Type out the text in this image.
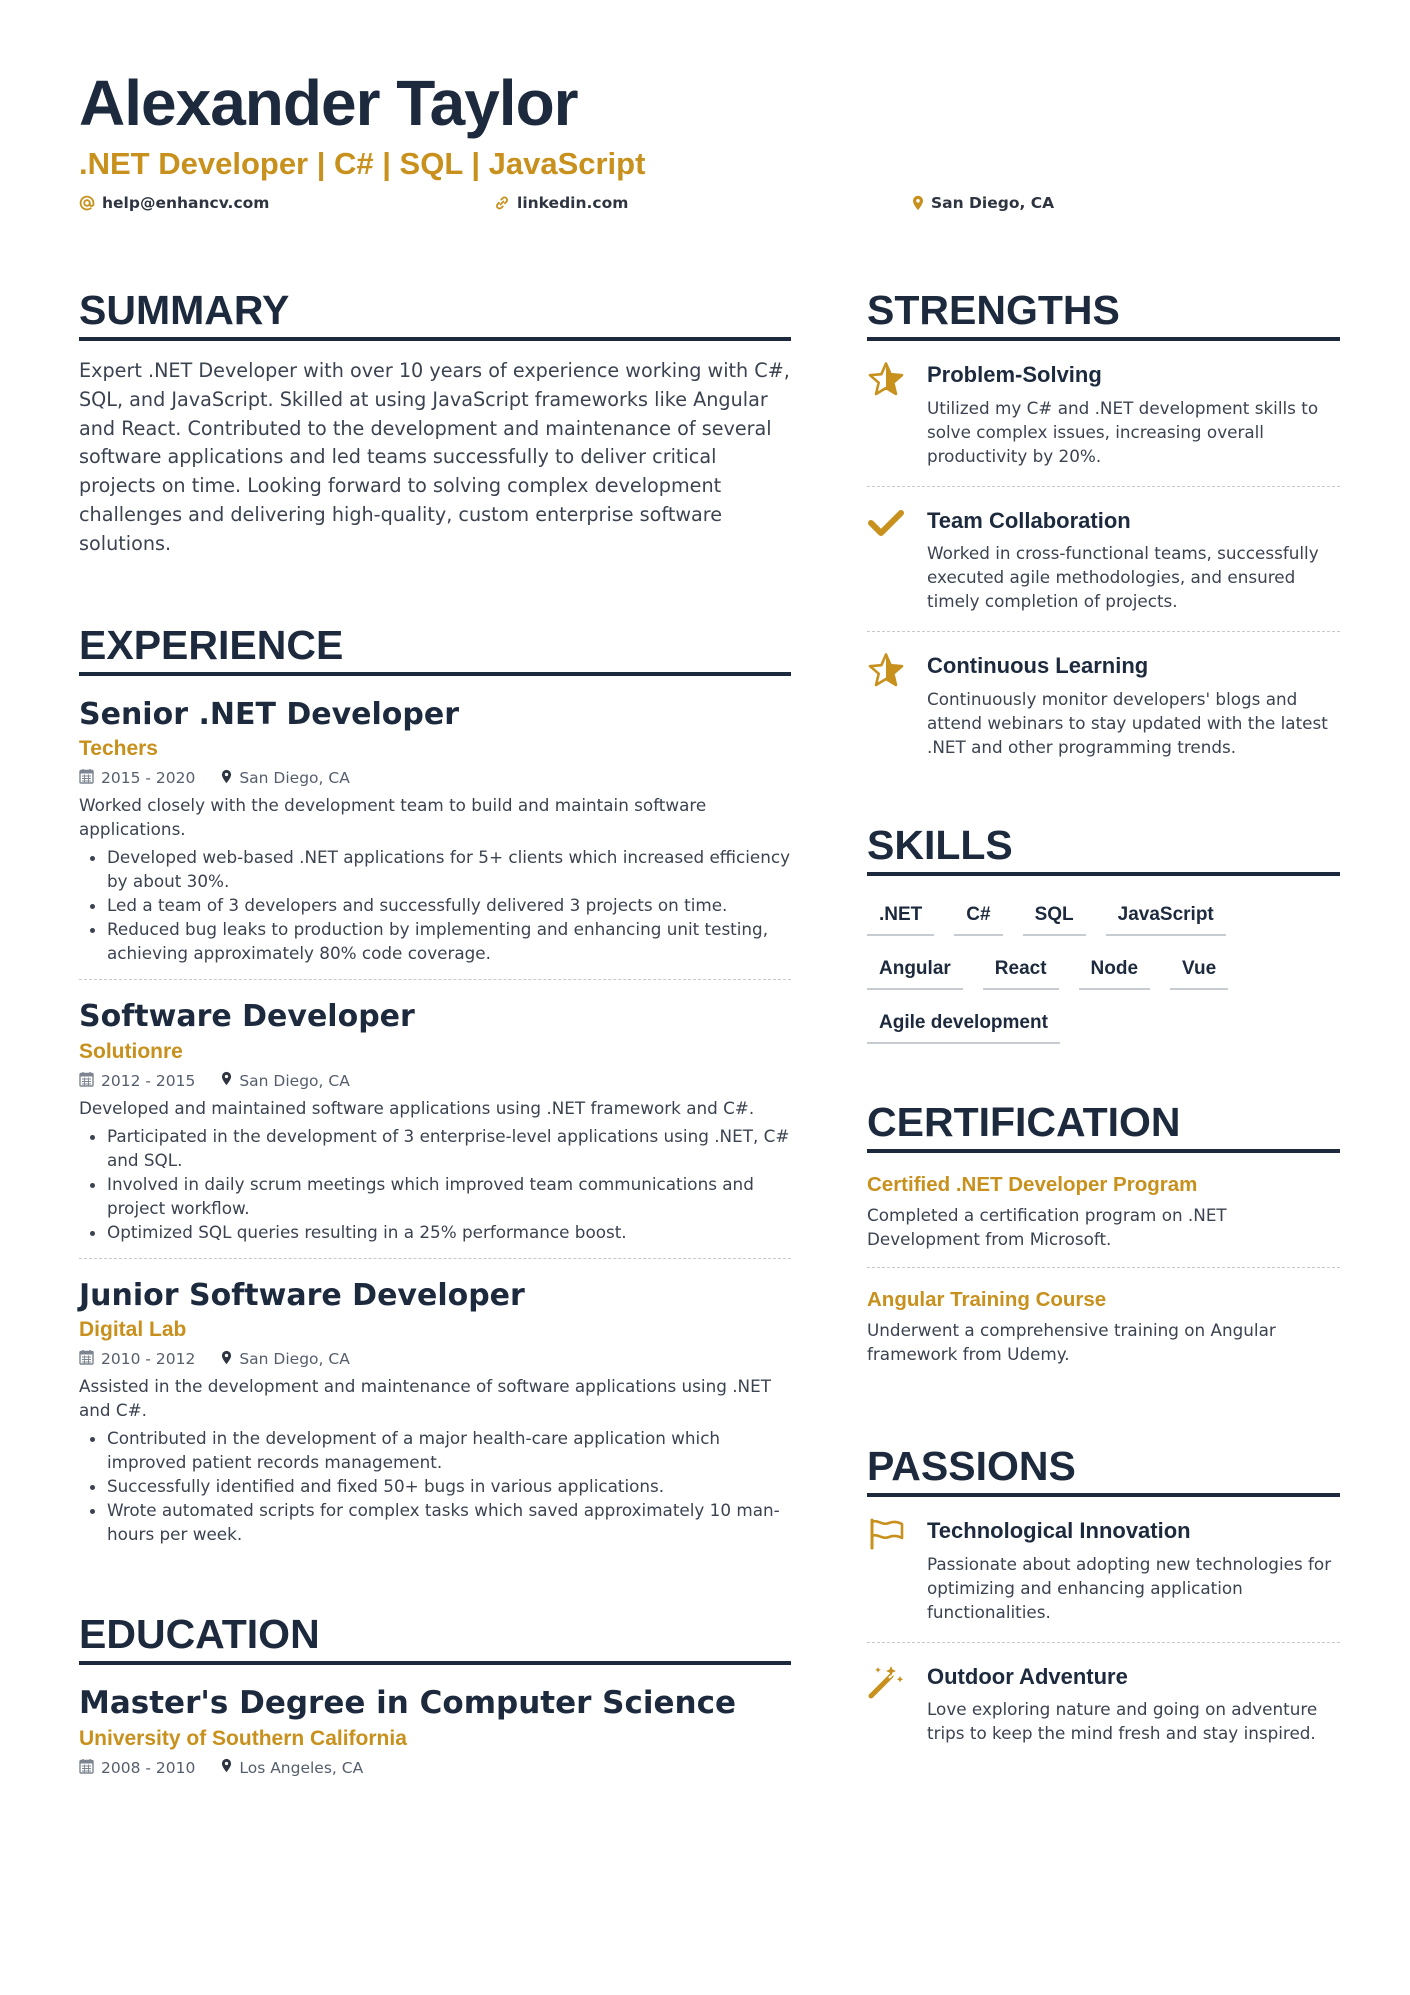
Alexander Taylor
.NET Developer | C# | SQL | JavaScript
help@enhancv.com	linkedin.com	San Diego, CA
SUMMARY
Expert .NET Developer with over 10 years of experience working with C#, SQL, and JavaScript. Skilled at using JavaScript frameworks like Angular and React. Contributed to the development and maintenance of several software applications and led teams successfully to deliver critical projects on time. Looking forward to solving complex development challenges and delivering high-quality, custom enterprise software solutions.
EXPERIENCE
Senior .NET Developer
Techers
2015 - 2020	San Diego, CA
Worked closely with the development team to build and maintain software applications.
• Developed web-based .NET applications for 5+ clients which increased efficiency by about 30%.
• Led a team of 3 developers and successfully delivered 3 projects on time.
• Reduced bug leaks to production by implementing and enhancing unit testing, achieving approximately 80% code coverage.
Software Developer
Solutionre
2012 - 2015	San Diego, CA
Developed and maintained software applications using .NET framework and C#.
• Participated in the development of 3 enterprise-level applications using .NET, C# and SQL.
• Involved in daily scrum meetings which improved team communications and project workflow.
• Optimized SQL queries resulting in a 25% performance boost.
Junior Software Developer
Digital Lab
2010 - 2012	San Diego, CA
Assisted in the development and maintenance of software applications using .NET and C#.
• Contributed in the development of a major health-care application which improved patient records management.
• Successfully identified and fixed 50+ bugs in various applications.
• Wrote automated scripts for complex tasks which saved approximately 10 man-hours per week.
EDUCATION
Master's Degree in Computer Science
University of Southern California
2008 - 2010	Los Angeles, CA
STRENGTHS
Problem-Solving
Utilized my C# and .NET development skills to solve complex issues, increasing overall productivity by 20%.
Team Collaboration
Worked in cross-functional teams, successfully executed agile methodologies, and ensured timely completion of projects.
Continuous Learning
Continuously monitor developers' blogs and attend webinars to stay updated with the latest .NET and other programming trends.
SKILLS
.NET	C#	SQL	JavaScript
Angular	React	Node	Vue
Agile development
CERTIFICATION
Certified .NET Developer Program
Completed a certification program on .NET Development from Microsoft.
Angular Training Course
Underwent a comprehensive training on Angular framework from Udemy.
PASSIONS
Technological Innovation
Passionate about adopting new technologies for optimizing and enhancing application functionalities.
Outdoor Adventure
Love exploring nature and going on adventure trips to keep the mind fresh and stay inspired.
